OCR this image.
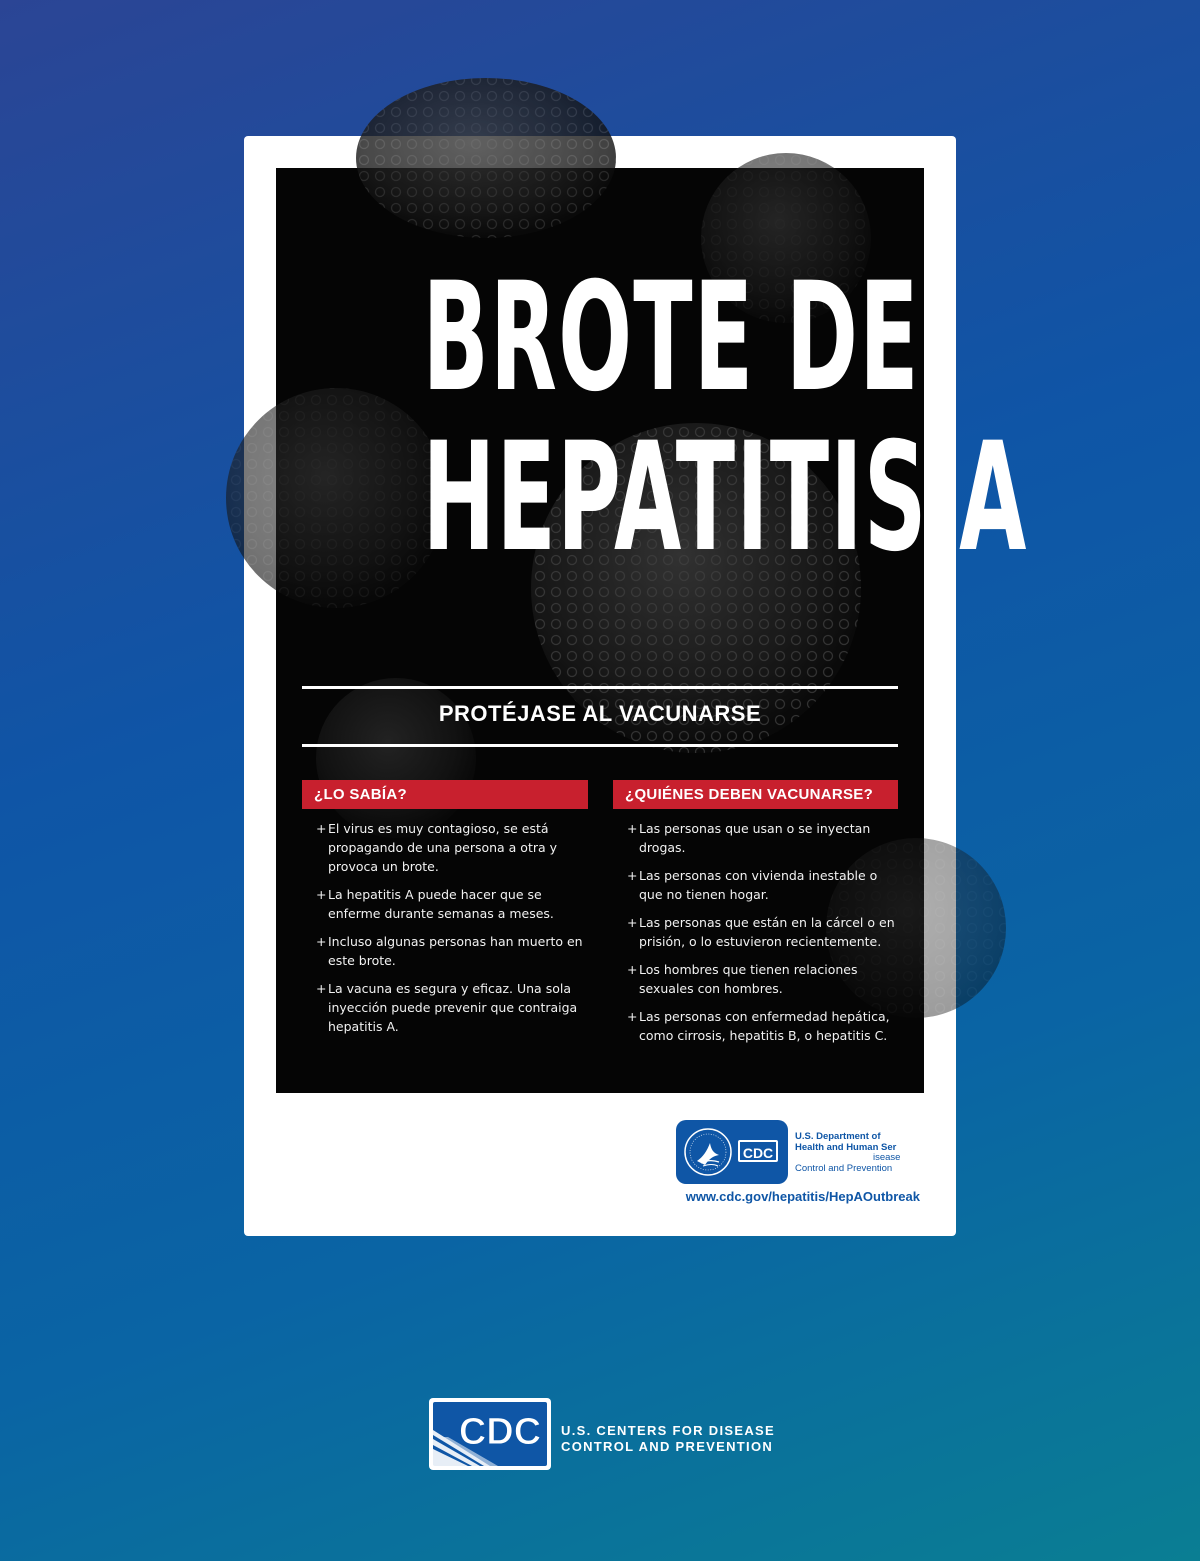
BROTE DE
HEPATITIS A
PROTÉJASE AL VACUNARSE
¿LO SABÍA?
+ El virus es muy contagioso, se está propagando de una persona a otra y provoca un brote.
+ La hepatitis A puede hacer que se enferme durante semanas a meses.
+ Incluso algunas personas han muerto en este brote.
+ La vacuna es segura y eficaz. Una sola inyección puede prevenir que contraiga hepatitis A.
¿QUIÉNES DEBEN VACUNARSE?
+ Las personas que usan o se inyectan drogas.
+ Las personas con vivienda inestable o que no tienen hogar.
+ Las personas que están en la cárcel o en prisión, o lo estuvieron recientemente.
+ Los hombres que tienen relaciones sexuales con hombres.
+ Las personas con enfermedad hepática, como cirrosis, hepatitis B, o hepatitis C.
CDC
U.S. Department of
Health and Human Ser
isease
Control and Prevention
www.cdc.gov/hepatitis/HepAOutbreak
CDC U.S. CENTERS FOR DISEASE
CONTROL AND PREVENTION
